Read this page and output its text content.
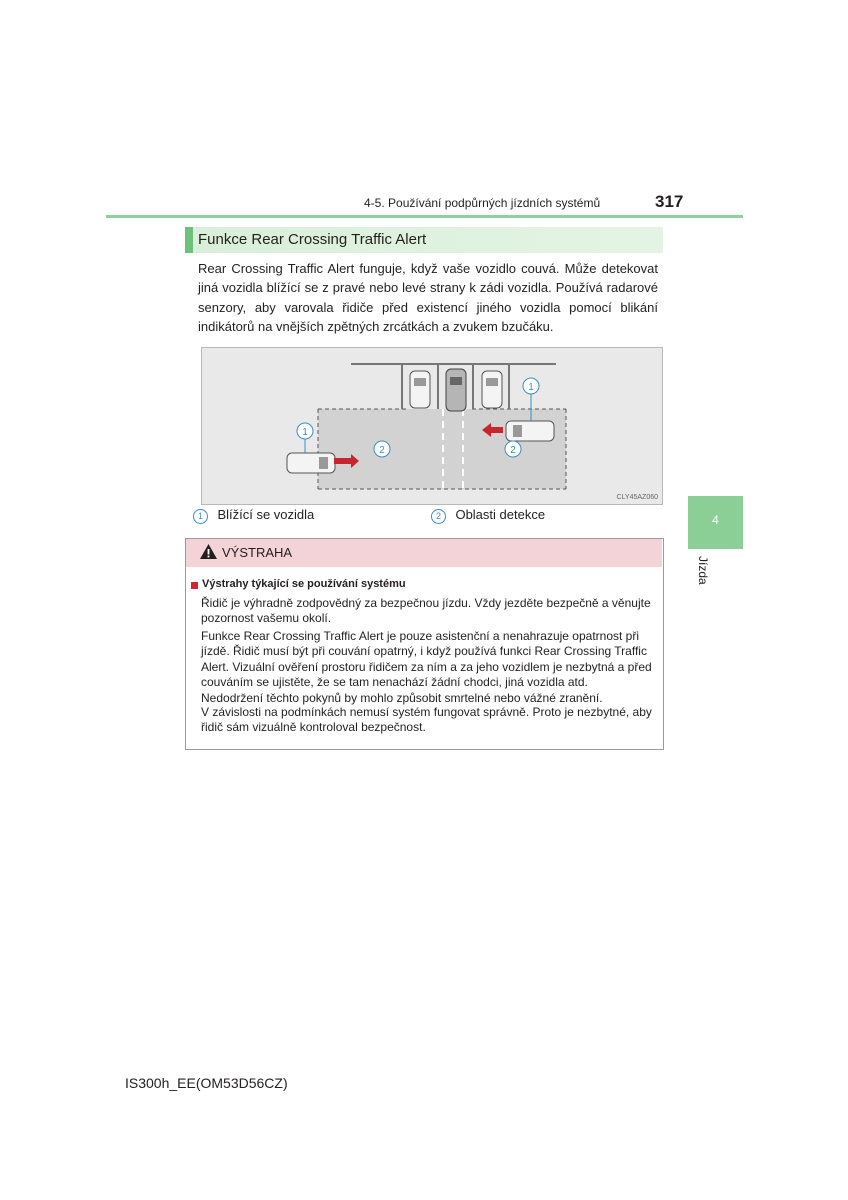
4-5. Používání podpůrných jízdních systémů	317
Funkce Rear Crossing Traffic Alert
Rear Crossing Traffic Alert funguje, když vaše vozidlo couvá. Může detekovat jiná vozidla blížící se z pravé nebo levé strany k zádi vozidla. Používá radarové senzory, aby varovala řidiče před existencí jiného vozidla pomocí blikání indikátorů na vnějších zpětných zrcátkách a zvukem bzučáku.
1
1
2	2
CLY45AZ060
1 Blížící se vozidla	2 Oblasti detekce	4
Jízda
VÝSTRAHA
Výstrahy týkající se používání systému
Řidič je výhradně zodpovědný za bezpečnou jízdu. Vždy jezděte bezpečně a věnujte pozornost vašemu okolí.
Funkce Rear Crossing Traffic Alert je pouze asistenční a nenahrazuje opatrnost při jízdě. Řidič musí být při couvání opatrný, i když používá funkci Rear Crossing Traffic Alert. Vizuální ověření prostoru řidičem za ním a za jeho vozidlem je nezbytná a před couváním se ujistěte, že se tam nenachází žádní chodci, jiná vozidla atd. Nedodržení těchto pokynů by mohlo způsobit smrtelné nebo vážné zranění.
V závislosti na podmínkách nemusí systém fungovat správně. Proto je nezbytné, aby řidič sám vizuálně kontroloval bezpečnost.
IS300h_EE(OM53D56CZ)
